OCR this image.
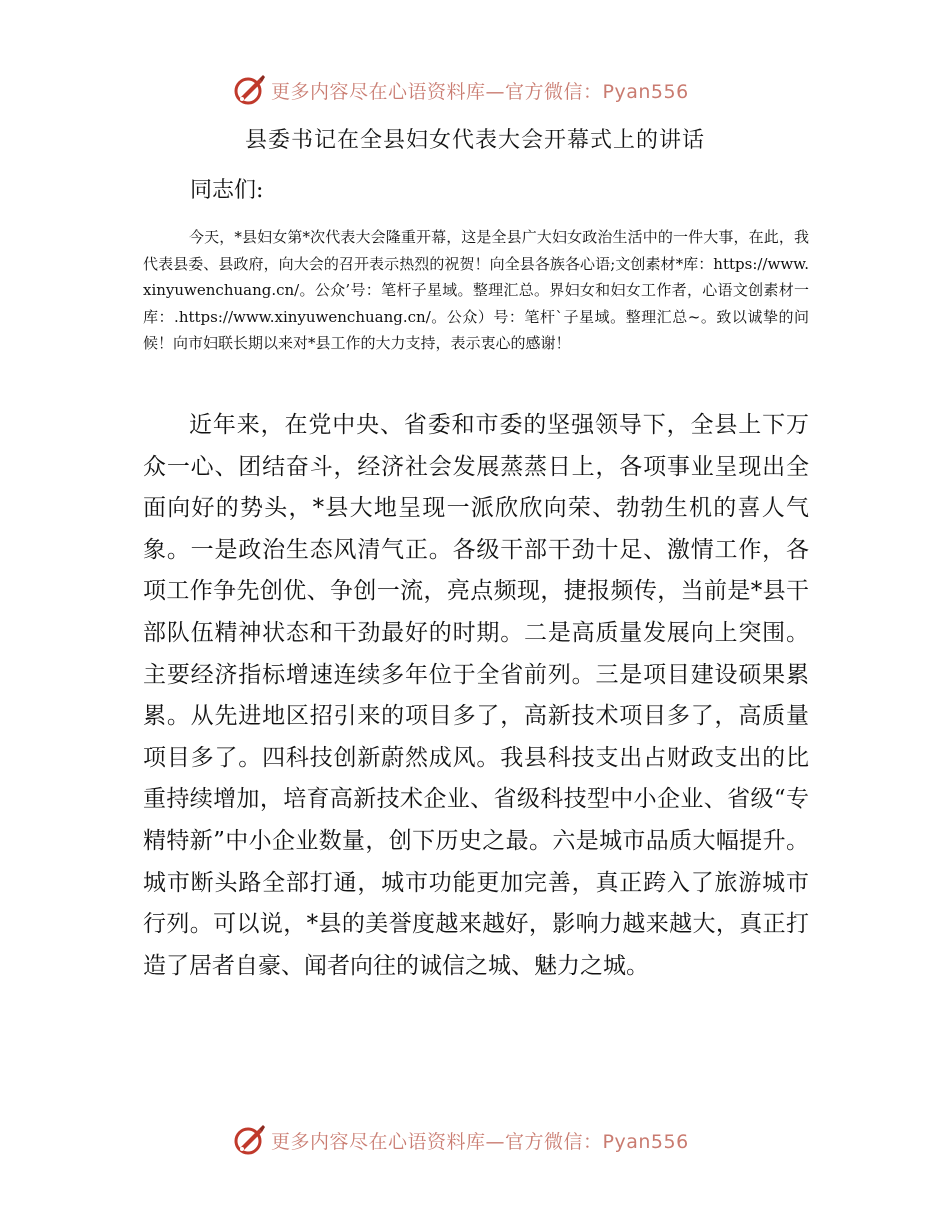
更多内容尽在心语资料库—官方微信：Pyan556
县委书记在全县妇女代表大会开幕式上的讲话
同志们:

今天，*县妇女第*次代表大会隆重开幕，这是全县广大妇女政治生活中的一件大事，在此，我代表县委、县政府，向大会的召开表示热烈的祝贺！向全县各族各心语;文创素材*库：https://www.xinyuwenchuang.cn/。公众’号：笔杆子星域。整理汇总。界妇女和妇女工作者，心语文创素材一库：.https://www.xinyuwenchuang.cn/。公众）号：笔杆`子星域。整理汇总~。致以诚挚的问候！向市妇联长期以来对*县工作的大力支持，表示衷心的感谢！

近年来，在党中央、省委和市委的坚强领导下，全县上下万众一心、团结奋斗，经济社会发展蒸蒸日上，各项事业呈现出全面向好的势头，*县大地呈现一派欣欣向荣、勃勃生机的喜人气象。一是政治生态风清气正。各级干部干劲十足、激情工作，各项工作争先创优、争创一流，亮点频现，捷报频传，当前是*县干部队伍精神状态和干劲最好的时期。二是高质量发展向上突围。主要经济指标增速连续多年位于全省前列。三是项目建设硕果累累。从先进地区招引来的项目多了，高新技术项目多了，高质量项目多了。四科技创新蔚然成风。我县科技支出占财政支出的比重持续增加，培育高新技术企业、省级科技型中小企业、省级“专精特新”中小企业数量，创下历史之最。六是城市品质大幅提升。城市断头路全部打通，城市功能更加完善，真正跨入了旅游城市行列。可以说，*县的美誉度越来越好，影响力越来越大，真正打造了居者自豪、闻者向往的诚信之城、魅力之城。

更多内容尽在心语资料库—官方微信：Pyan556
